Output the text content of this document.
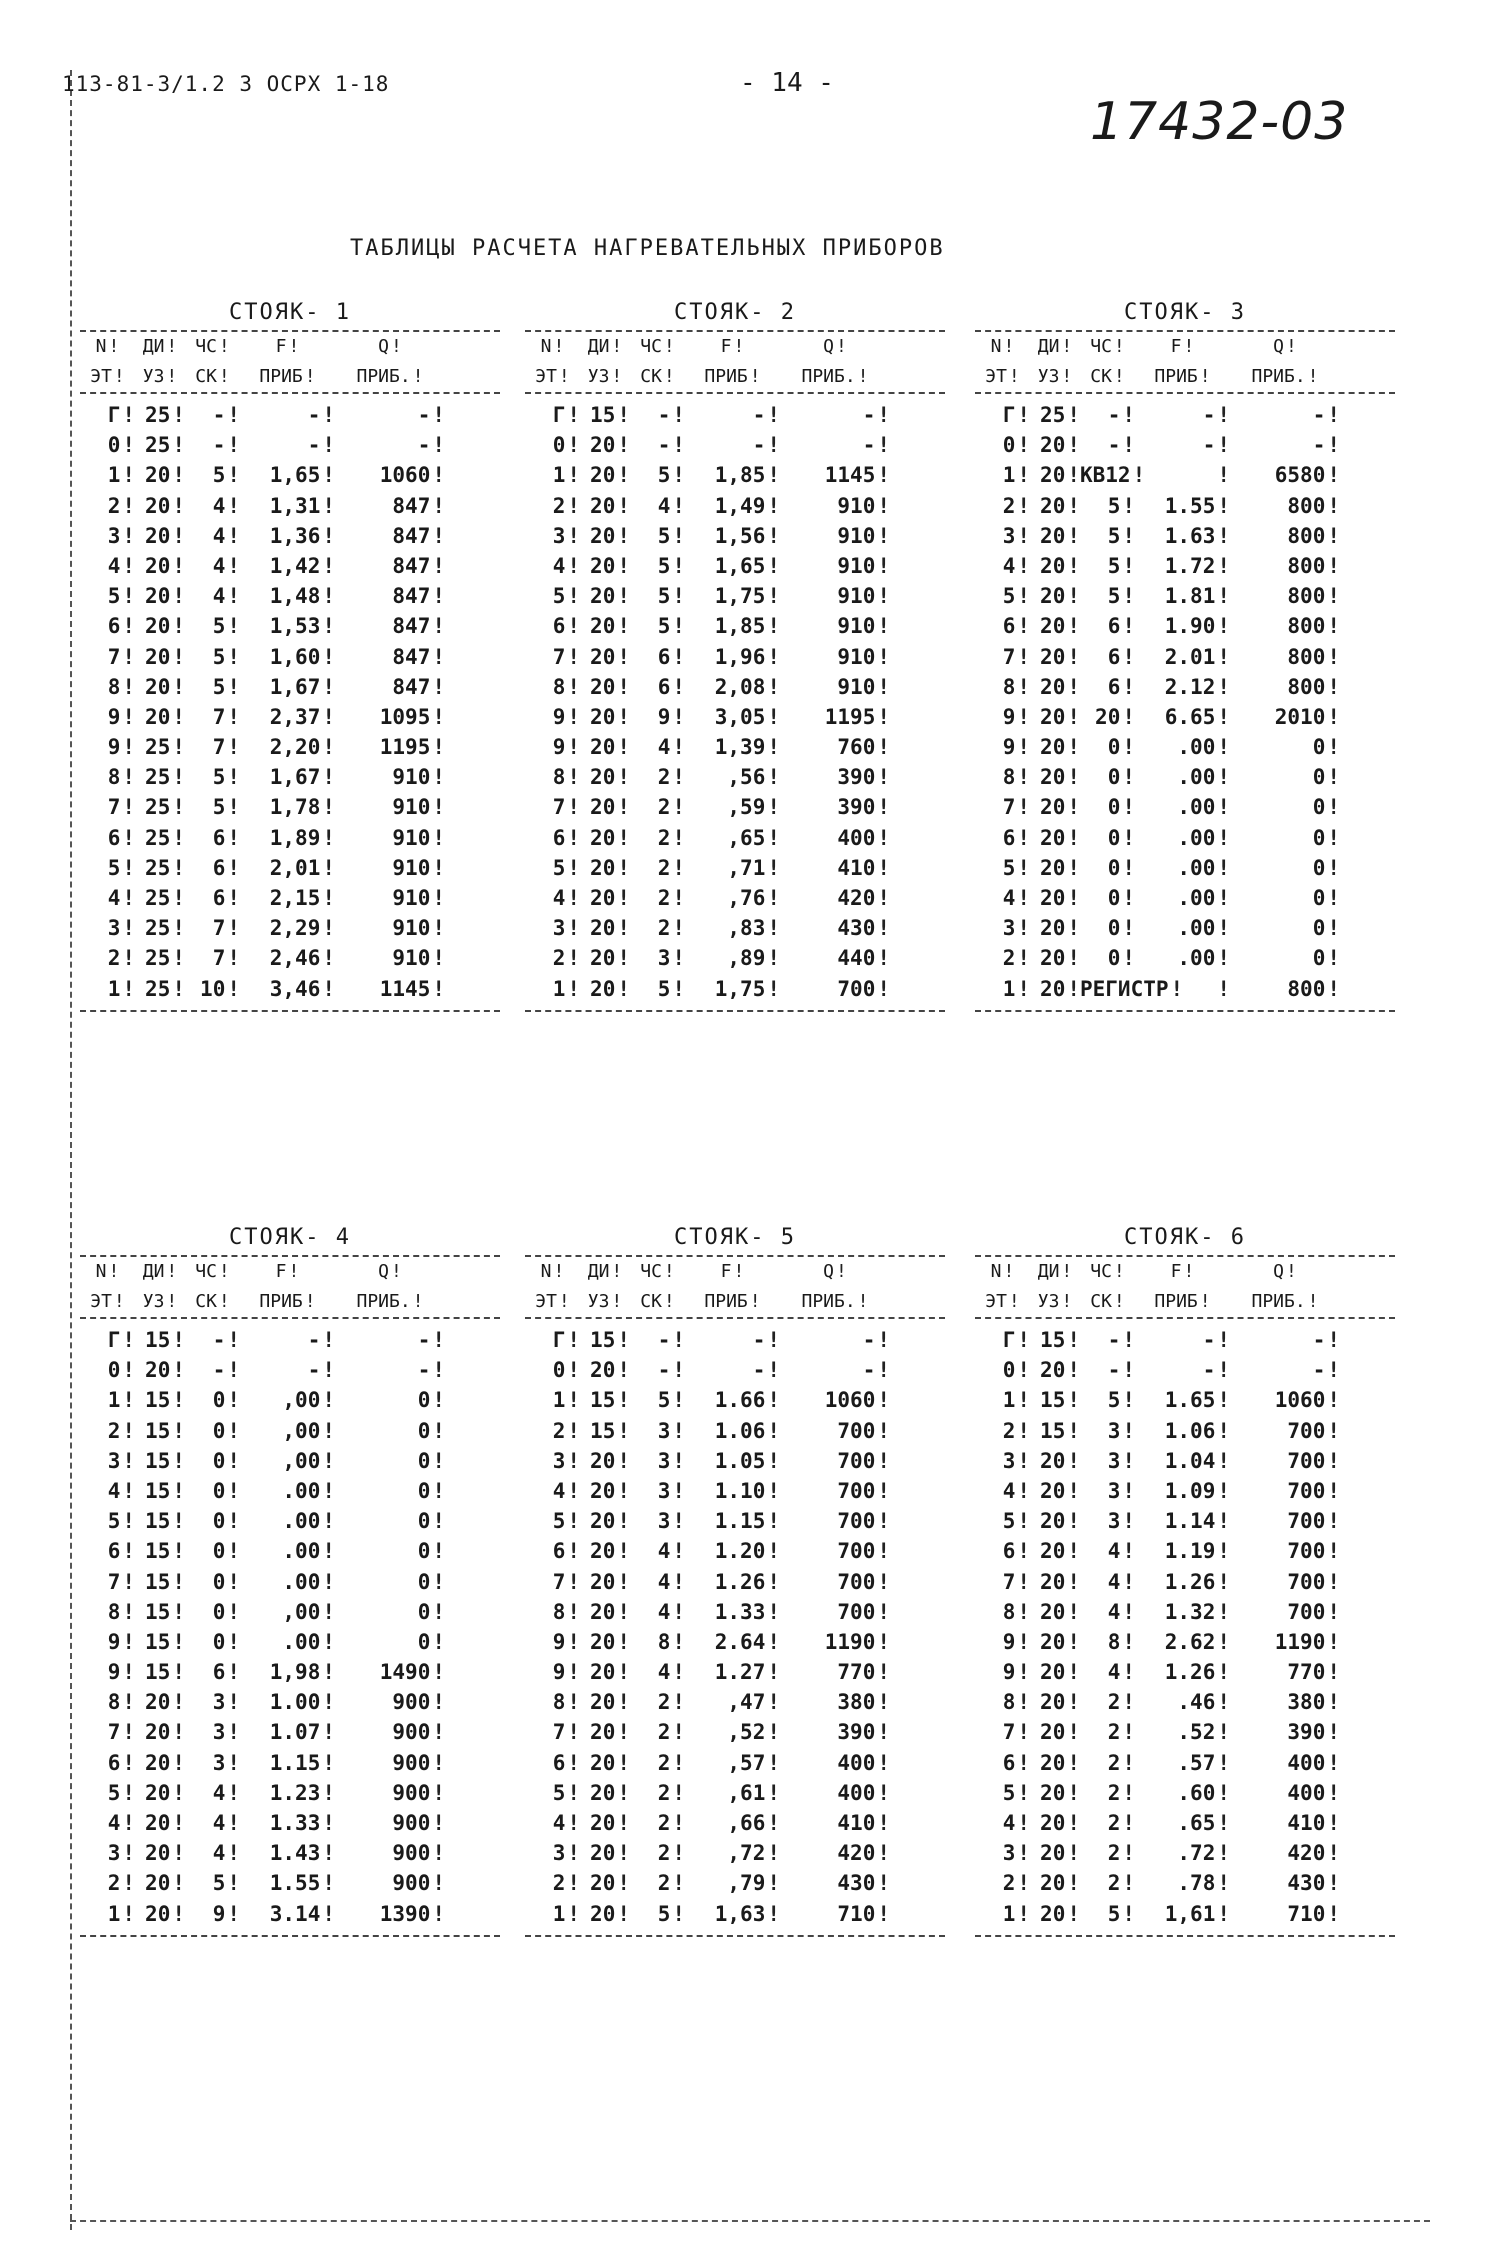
113-81-3/1.2 3 ОСРХ 1-18	- 14 -
17432-03
ТАБЛИЦЫ РАСЧЕТА НАГРЕВАТЕЛЬНЫХ ПРИБОРОВ
СТОЯК- 1
N !	ДИ !	ЧС !	F !	Q !
ЭТ !	УЗ !	СК !	ПРИБ !	ПРИБ. !
Г !	25 !	- !	- !	- !
0 !	25 !	- !	- !	- !
1 !	20 !	5 !	1,65 !	1060 !
2 !	20 !	4 !	1,31 !	847 !
3 !	20 !	4 !	1,36 !	847 !
4 !	20 !	4 !	1,42 !	847 !
5 !	20 !	4 !	1,48 !	847 !
6 !	20 !	5 !	1,53 !	847 !
7 !	20 !	5 !	1,60 !	847 !
8 !	20 !	5 !	1,67 !	847 !
9 !	20 !	7 !	2,37 !	1095 !
9 !	25 !	7 !	2,20 !	1195 !
8 !	25 !	5 !	1,67 !	910 !
7 !	25 !	5 !	1,78 !	910 !
6 !	25 !	6 !	1,89 !	910 !
5 !	25 !	6 !	2,01 !	910 !
4 !	25 !	6 !	2,15 !	910 !
3 !	25 !	7 !	2,29 !	910 !
2 !	25 !	7 !	2,46 !	910 !
1 !	25 !	10 !	3,46 !	1145 !
СТОЯК- 2
N !	ДИ !	ЧС !	F !	Q !
ЭТ !	УЗ !	СК !	ПРИБ !	ПРИБ. !
Г !	15 !	- !	- !	- !
0 !	20 !	- !	- !	- !
1 !	20 !	5 !	1,85 !	1145 !
2 !	20 !	4 !	1,49 !	910 !
3 !	20 !	5 !	1,56 !	910 !
4 !	20 !	5 !	1,65 !	910 !
5 !	20 !	5 !	1,75 !	910 !
6 !	20 !	5 !	1,85 !	910 !
7 !	20 !	6 !	1,96 !	910 !
8 !	20 !	6 !	2,08 !	910 !
9 !	20 !	9 !	3,05 !	1195 !
9 !	20 !	4 !	1,39 !	760 !
8 !	20 !	2 !	,56 !	390 !
7 !	20 !	2 !	,59 !	390 !
6 !	20 !	2 !	,65 !	400 !
5 !	20 !	2 !	,71 !	410 !
4 !	20 !	2 !	,76 !	420 !
3 !	20 !	2 !	,83 !	430 !
2 !	20 !	3 !	,89 !	440 !
1 !	20 !	5 !	1,75 !	700 !
СТОЯК- 3
N !	ДИ !	ЧС !	F !	Q !
ЭТ !	УЗ !	СК !	ПРИБ !	ПРИБ. !
Г !	25 !	- !	- !	- !
0 !	20 !	- !	- !	- !
1 !	20 ! КВ12 ! !	6580 !
2 !	20 !	5 !	1.55 !	800 !
3 !	20 !	5 !	1.63 !	800 !
4 !	20 !	5 !	1.72 !	800 !
5 !	20 !	5 !	1.81 !	800 !
6 !	20 !	6 !	1.90 !	800 !
7 !	20 !	6 !	2.01 !	800 !
8 !	20 !	6 !	2.12 !	800 !
9 !	20 !	20 !	6.65 !	2010 !
9 !	20 !	0 !	.00 !	0 !
8 !	20 !	0 !	.00 !	0 !
7 !	20 !	0 !	.00 !	0 !
6 !	20 !	0 !	.00 !	0 !
5 !	20 !	0 !	.00 !	0 !
4 !	20 !	0 !	.00 !	0 !
3 !	20 !	0 !	.00 !	0 !
2 !	20 !	0 !	.00 !	0 !
1 !	20 ! РЕГИСТР ! !	800 !
СТОЯК- 4
N !	ДИ !	ЧС !	F !	Q !
ЭТ !	УЗ !	СК !	ПРИБ !	ПРИБ. !
Г !	15 !	- !	- !	- !
0 !	20 !	- !	- !	- !
1 !	15 !	0 !	,00 !	0 !
2 !	15 !	0 !	,00 !	0 !
3 !	15 !	0 !	,00 !	0 !
4 !	15 !	0 !	.00 !	0 !
5 !	15 !	0 !	.00 !	0 !
6 !	15 !	0 !	.00 !	0 !
7 !	15 !	0 !	.00 !	0 !
8 !	15 !	0 !	,00 !	0 !
9 !	15 !	0 !	.00 !	0 !
9 !	15 !	6 !	1,98 !	1490 !
8 !	20 !	3 !	1.00 !	900 !
7 !	20 !	3 !	1.07 !	900 !
6 !	20 !	3 !	1.15 !	900 !
5 !	20 !	4 !	1.23 !	900 !
4 !	20 !	4 !	1.33 !	900 !
3 !	20 !	4 !	1.43 !	900 !
2 !	20 !	5 !	1.55 !	900 !
1 !	20 !	9 !	3.14 !	1390 !
СТОЯК- 5
N !	ДИ !	ЧС !	F !	Q !
ЭТ !	УЗ !	СК !	ПРИБ !	ПРИБ. !
Г !	15 !	- !	- !	- !
0 !	20 !	- !	- !	- !
1 !	15 !	5 !	1.66 !	1060 !
2 !	15 !	3 !	1.06 !	700 !
3 !	20 !	3 !	1.05 !	700 !
4 !	20 !	3 !	1.10 !	700 !
5 !	20 !	3 !	1.15 !	700 !
6 !	20 !	4 !	1.20 !	700 !
7 !	20 !	4 !	1.26 !	700 !
8 !	20 !	4 !	1.33 !	700 !
9 !	20 !	8 !	2.64 !	1190 !
9 !	20 !	4 !	1.27 !	770 !
8 !	20 !	2 !	,47 !	380 !
7 !	20 !	2 !	,52 !	390 !
6 !	20 !	2 !	,57 !	400 !
5 !	20 !	2 !	,61 !	400 !
4 !	20 !	2 !	,66 !	410 !
3 !	20 !	2 !	,72 !	420 !
2 !	20 !	2 !	,79 !	430 !
1 !	20 !	5 !	1,63 !	710 !
СТОЯК- 6
N !	ДИ !	ЧС !	F !	Q !
ЭТ !	УЗ !	СК !	ПРИБ !	ПРИБ. !
Г !	15 !	- !	- !	- !
0 !	20 !	- !	- !	- !
1 !	15 !	5 !	1.65 !	1060 !
2 !	15 !	3 !	1.06 !	700 !
3 !	20 !	3 !	1.04 !	700 !
4 !	20 !	3 !	1.09 !	700 !
5 !	20 !	3 !	1.14 !	700 !
6 !	20 !	4 !	1.19 !	700 !
7 !	20 !	4 !	1.26 !	700 !
8 !	20 !	4 !	1.32 !	700 !
9 !	20 !	8 !	2.62 !	1190 !
9 !	20 !	4 !	1.26 !	770 !
8 !	20 !	2 !	.46 !	380 !
7 !	20 !	2 !	.52 !	390 !
6 !	20 !	2 !	.57 !	400 !
5 !	20 !	2 !	.60 !	400 !
4 !	20 !	2 !	.65 !	410 !
3 !	20 !	2 !	.72 !	420 !
2 !	20 !	2 !	.78 !	430 !
1 !	20 !	5 !	1,61 !	710 !
